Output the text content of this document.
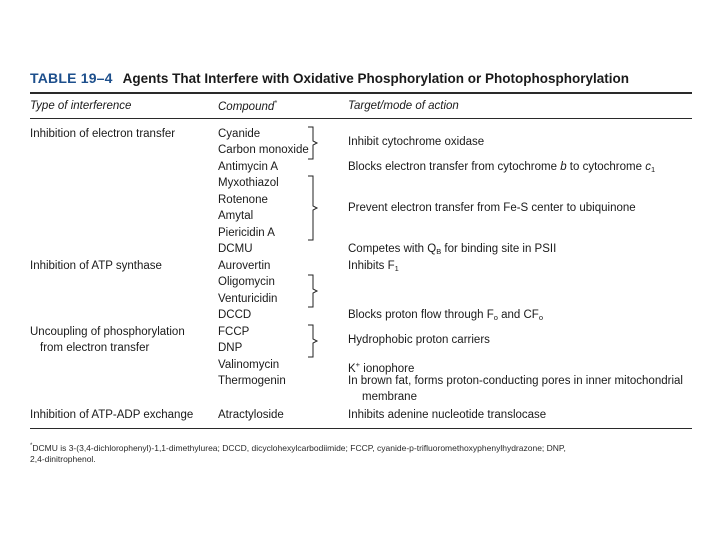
TABLE 19–4 Agents That Interfere with Oxidative Phosphorylation or Photophosphorylation
Type of interference	Compound*	Target/mode of action
Inhibition of electron transfer
Inhibition of ATP synthase
Uncoupling of phosphorylation
from electron transfer
Inhibition of ATP-ADP exchange
Cyanide
Carbon monoxide
Antimycin A
Myxothiazol
Rotenone
Amytal
Piericidin A
DCMU
Aurovertin
Oligomycin
Venturicidin
DCCD
FCCP
DNP
Valinomycin
Thermogenin
Atractyloside
Inhibit cytochrome oxidase
Blocks electron transfer from cytochrome b to cytochrome $c_1$
Prevent electron transfer from Fe-S center to ubiquinone
Competes with $Q_B$ for binding site in PSII
Inhibits $F_1$
Blocks proton flow through $F_o$ and $CF_o$
Hydrophobic proton carriers
K+ ionophore
In brown fat, forms proton-conducting pores in inner mitochondrial
membrane
Inhibits adenine nucleotide translocase
*DCMU is 3-(3,4-dichlorophenyl)-1,1-dimethylurea; DCCD, dicyclohexylcarbodiimide; FCCP, cyanide-p-trifluoromethoxyphenylhydrazone; DNP,
2,4-dinitrophenol.
